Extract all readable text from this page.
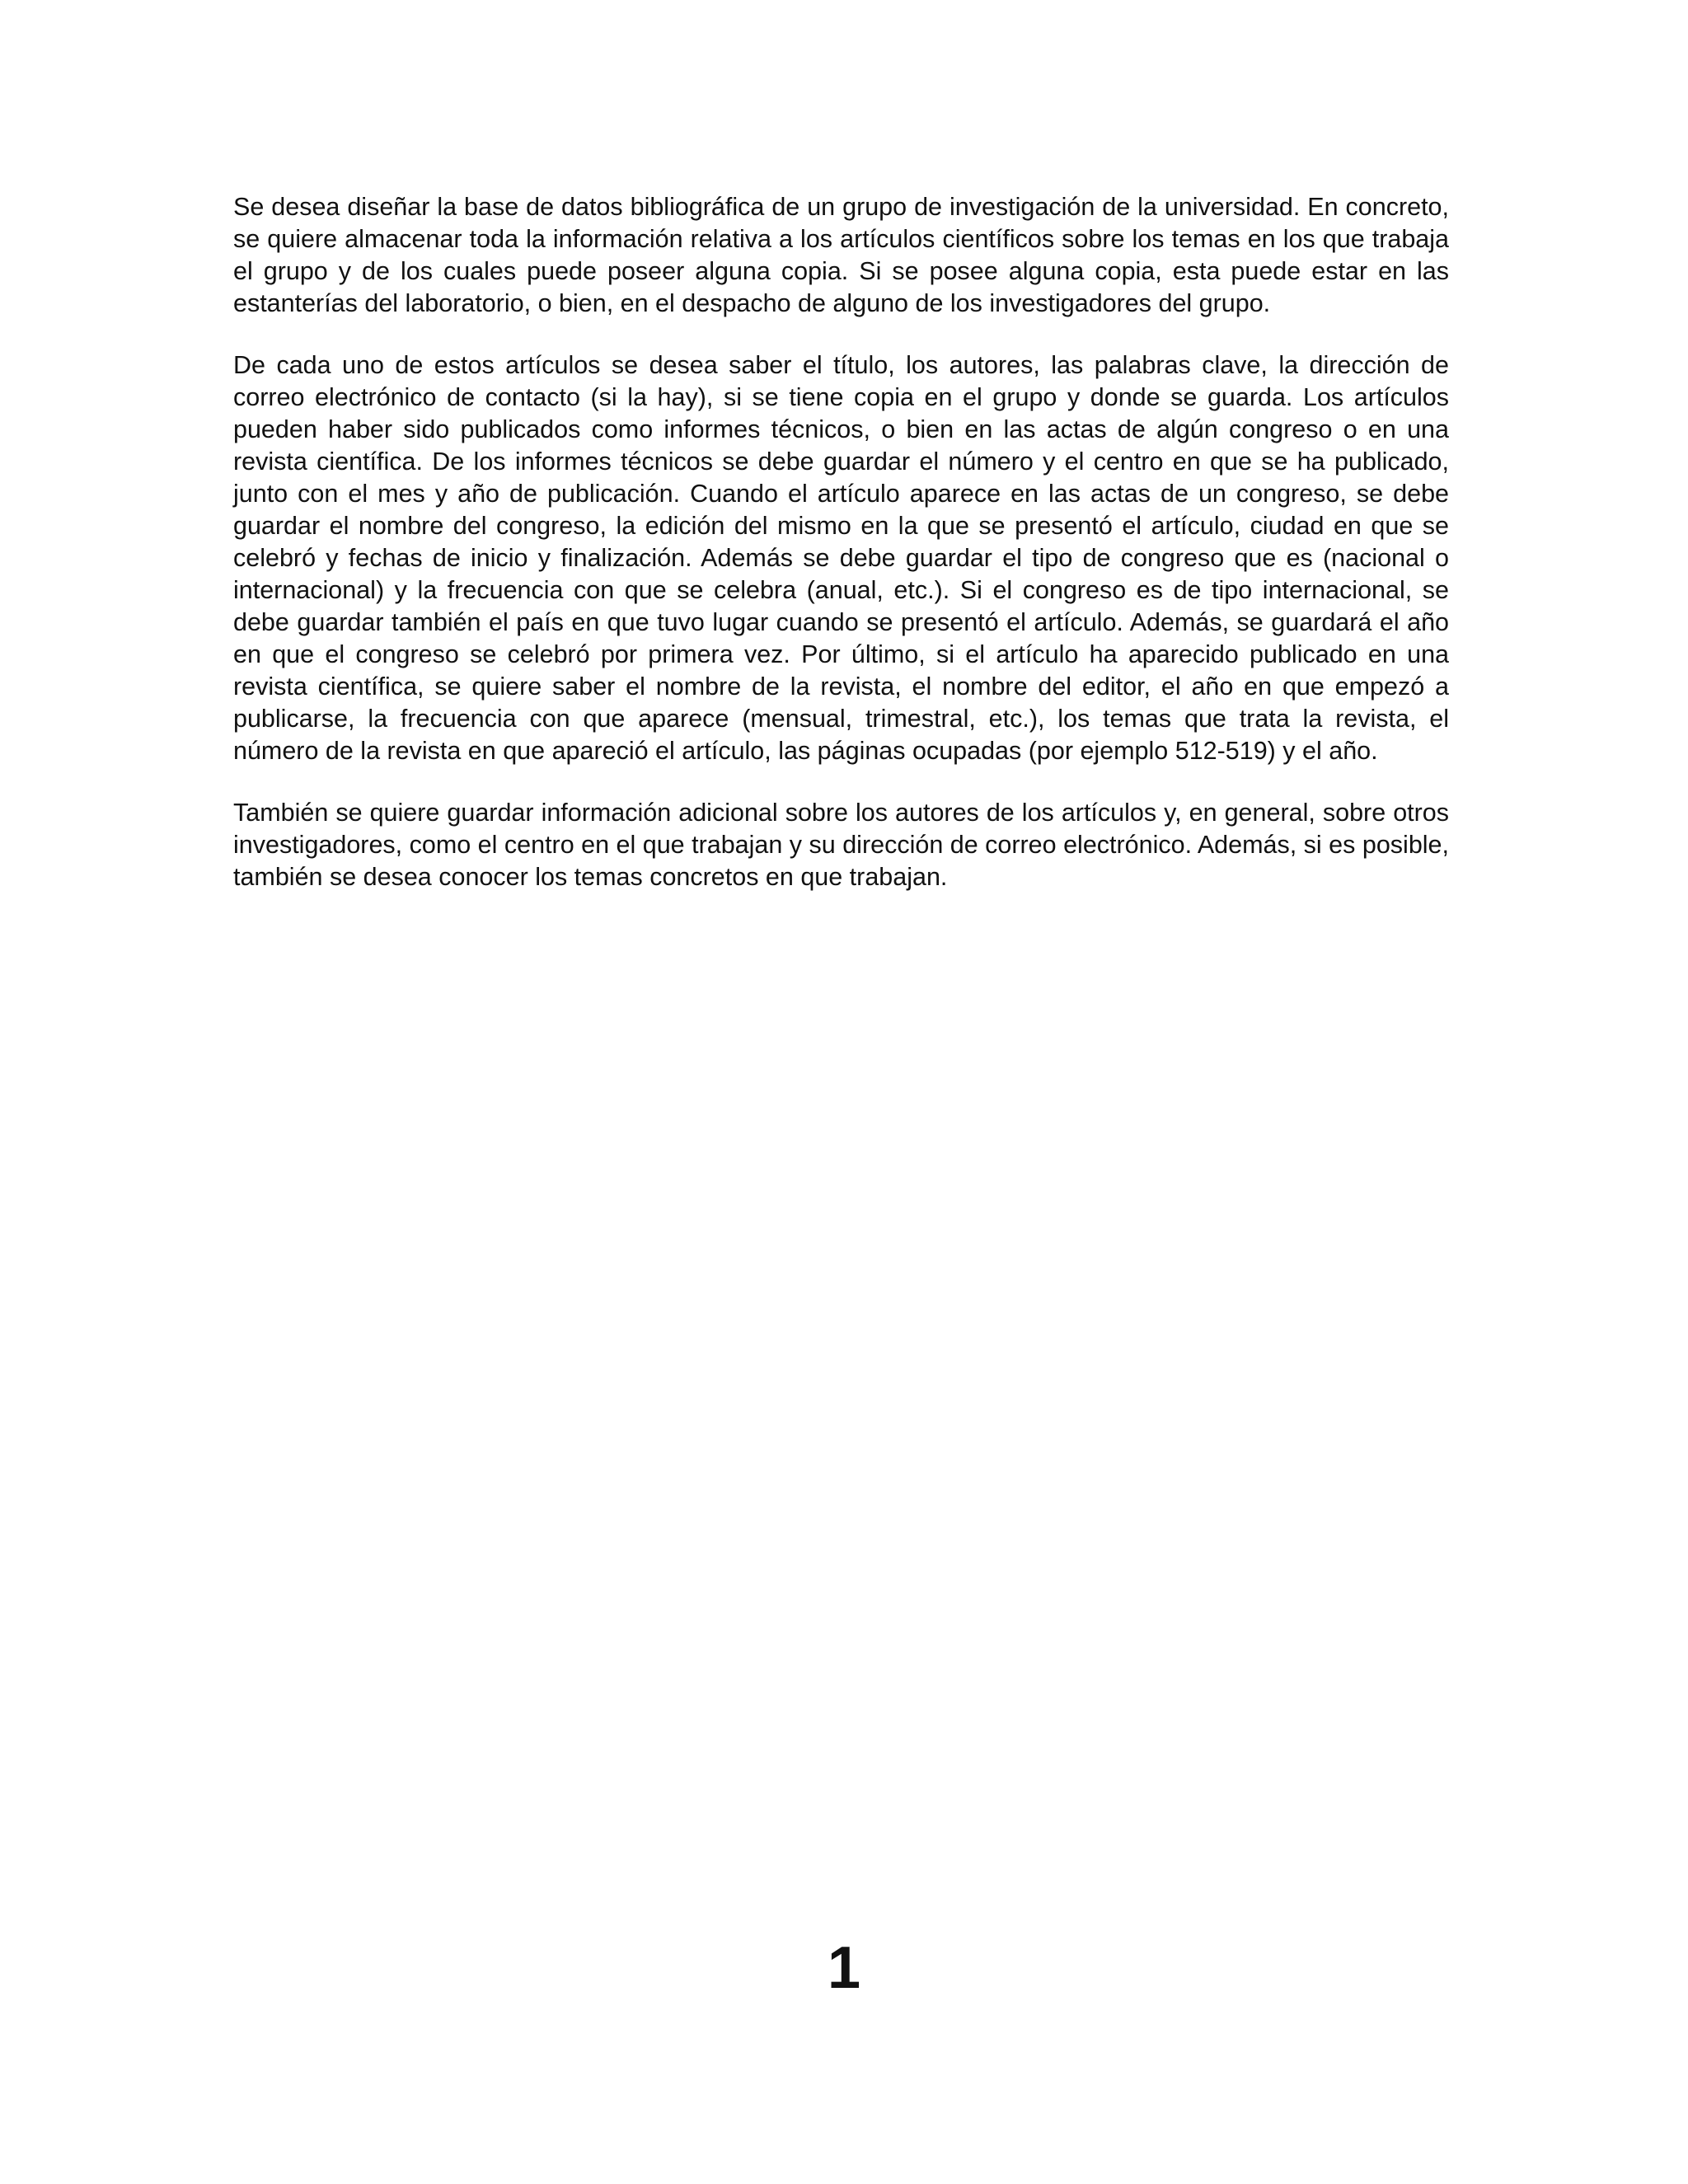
Se desea diseñar la base de datos bibliográfica de un grupo de investigación de la universidad. En concreto, se quiere almacenar toda la información relativa a los artículos científicos sobre los temas en los que trabaja el grupo y de los cuales puede poseer alguna copia. Si se posee alguna copia, esta puede estar en las estanterías del laboratorio, o bien, en el despacho de alguno de los investigadores del grupo.

De cada uno de estos artículos se desea saber el título, los autores, las palabras clave, la dirección de correo electrónico de contacto (si la hay), si se tiene copia en el grupo y donde se guarda. Los artículos pueden haber sido publicados como informes técnicos, o bien en las actas de algún congreso o en una revista científica. De los informes técnicos se debe guardar el número y el centro en que se ha publicado, junto con el mes y año de publicación. Cuando el artículo aparece en las actas de un congreso, se debe guardar el nombre del congreso, la edición del mismo en la que se presentó el artículo, ciudad en que se celebró y fechas de inicio y finalización. Además se debe guardar el tipo de congreso que es (nacional o internacional) y la frecuencia con que se celebra (anual, etc.). Si el congreso es de tipo internacional, se debe guardar también el país en que tuvo lugar cuando se presentó el artículo. Además, se guardará el año en que el congreso se celebró por primera vez. Por último, si el artículo ha aparecido publicado en una revista científica, se quiere saber el nombre de la revista, el nombre del editor, el año en que empezó a publicarse, la frecuencia con que aparece (mensual, trimestral, etc.), los temas que trata la revista, el número de la revista en que apareció el artículo, las páginas ocupadas (por ejemplo 512-519) y el año.

También se quiere guardar información adicional sobre los autores de los artículos y, en general, sobre otros investigadores, como el centro en el que trabajan y su dirección de correo electrónico. Además, si es posible, también se desea conocer los temas concretos en que trabajan.

1
